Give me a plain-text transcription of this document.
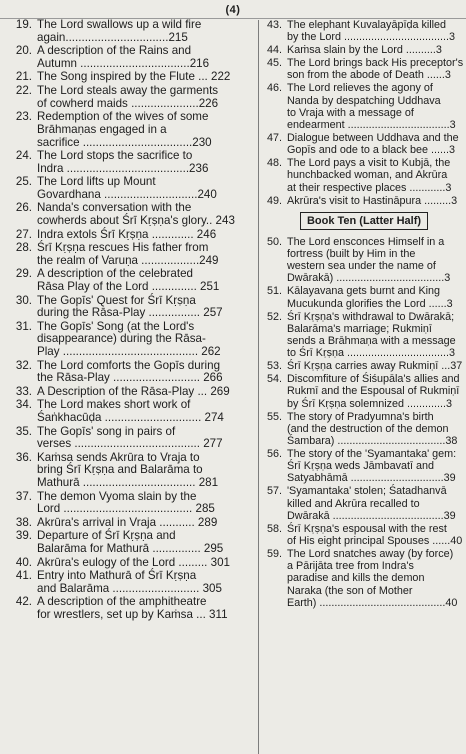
(4)
19. The Lord swallows up a wild fire
again................................215
20. A description of the Rains and
Autumn ..................................216
21. The Song inspired by the Flute ... 222
22. The Lord steals away the garments
of cowherd maids .....................226
23. Redemption of the wives of some
Brāhmaṇas engaged in a
sacrifice ..................................230
24. The Lord stops the sacrifice to
Indra ......................................236
25. The Lord lifts up Mount
Govardhana .............................240
26. Nanda's conversation with the
cowherds about Śrī Kṛṣṇa's glory.. 243
27. Indra extols Śrī Kṛṣṇa ............. 246
28. Śrī Kṛṣṇa rescues His father from
the realm of Varuṇa ..................249
29. A description of the celebrated
Rāsa Play of the Lord .............. 251
30. The Gopīs' Quest for Śrī Kṛṣṇa
during the Rāsa-Play ................ 257
31. The Gopīs' Song (at the Lord's
disappearance) during the Rāsa-
Play .......................................... 262
32. The Lord comforts the Gopīs during
the Rāsa-Play ........................... 266
33. A Description of the Rāsa-Play ... 269
34. The Lord makes short work of
Śaṅkhacūḍa .............................. 274
35. The Gopīs' song in pairs of
verses ....................................... 277
36. Kaṁsa sends Akrūra to Vraja to
bring Śrī Kṛṣṇa and Balarāma to
Mathurā ................................... 281
37. The demon Vyoma slain by the
Lord ........................................ 285
38. Akrūra's arrival in Vraja ........... 289
39. Departure of Śrī Kṛṣṇa and
Balarāma for Mathurā ............... 295
40. Akrūra's eulogy of the Lord ......... 301
41. Entry into Mathurā of Śrī Kṛṣṇa
and Balarāma ........................... 305
42. A description of the amphitheatre
for wrestlers, set up by Kaṁsa ... 311
43. The elephant Kuvalayāpīḍa killed
by the Lord ...................................3
44. Kaṁsa slain by the Lord ..........3
45. The Lord brings back His preceptor's
son from the abode of Death ......3
46. The Lord relieves the agony of
Nanda by despatching Uddhava
to Vraja with a message of
endearment ..................................3
47. Dialogue between Uddhava and the
Gopīs and ode to a black bee ......3
48. The Lord pays a visit to Kubjā, the
hunchbacked woman, and Akrūra
at their respective places ............3
49. Akrūra's visit to Hastināpura .........3
Book Ten (Latter Half)
50. The Lord ensconces Himself in a
fortress (built by Him in the
western sea under the name of
Dwārakā) ....................................3
51. Kālayavana gets burnt and King
Mucukunda glorifies the Lord ......3
52. Śrī Kṛṣṇa's withdrawal to Dwārakā;
Balarāma's marriage; Rukmiṇī
sends a Brāhmaṇa with a message
to Śrī Kṛṣṇa ..................................3
53. Śrī Kṛṣṇa carries away Rukmiṇī ...37
54. Discomfiture of Śiśupāla's allies and
Rukmī and the Espousal of Rukmiṇī
by Śrī Kṛṣṇa solemnized .............3
55. The story of Pradyumna's birth
(and the destruction of the demon
Śambara) ....................................38
56. The story of the 'Syamantaka' gem:
Śrī Kṛṣṇa weds Jāmbavatī and
Satyabhāmā ...............................39
57. 'Syamantaka' stolen; Śatadhanvā
killed and Akrūra recalled to
Dwārakā .....................................39
58. Śrī Kṛṣṇa's espousal with the rest
of His eight principal Spouses ......40
59. The Lord snatches away (by force)
a Pārijāta tree from Indra's
paradise and kills the demon
Naraka (the son of Mother
Earth) ..........................................40
